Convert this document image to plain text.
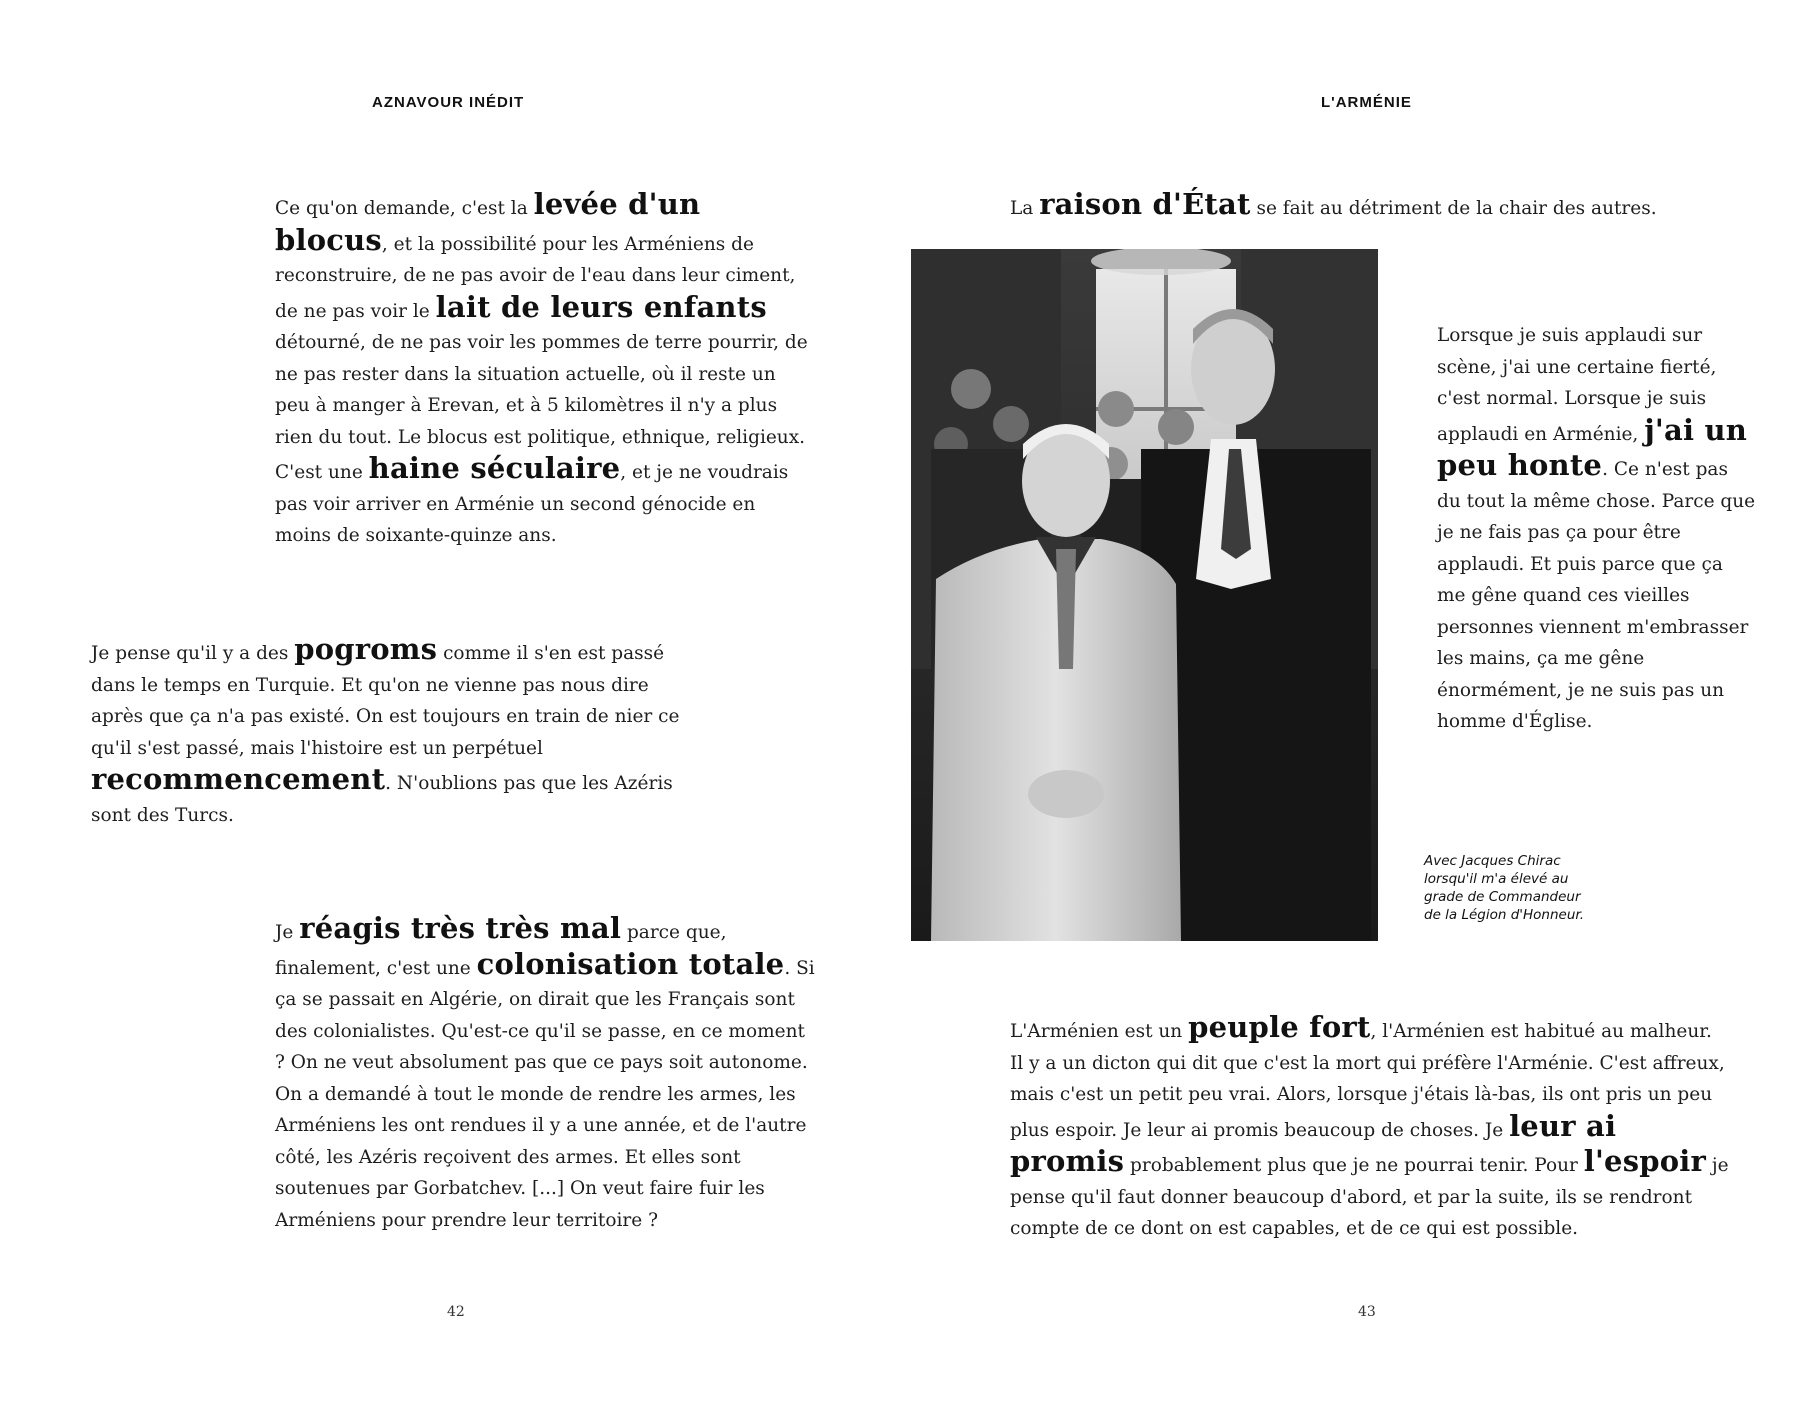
AZNAVOUR INÉDIT	L'ARMÉNIE

Ce qu'on demande, c'est la levée d'un blocus, et la possibilité pour les Arméniens de reconstruire, de ne pas avoir de l'eau dans leur ciment, de ne pas voir le lait de leurs enfants détourné, de ne pas voir les pommes de terre pourrir, de ne pas rester dans la situation actuelle, où il reste un peu à manger à Erevan, et à 5 kilomètres il n'y a plus rien du tout. Le blocus est politique, ethnique, religieux. C'est une haine séculaire, et je ne voudrais pas voir arriver en Arménie un second génocide en moins de soixante-quinze ans.

Je pense qu'il y a des pogroms comme il s'en est passé dans le temps en Turquie. Et qu'on ne vienne pas nous dire après que ça n'a pas existé. On est toujours en train de nier ce qu'il s'est passé, mais l'histoire est un perpétuel recommencement. N'oublions pas que les Azéris sont des Turcs.

Je réagis très très mal parce que, finalement, c'est une colonisation totale. Si ça se passait en Algérie, on dirait que les Français sont des colonialistes. Qu'est-ce qu'il se passe, en ce moment ? On ne veut absolument pas que ce pays soit autonome. On a demandé à tout le monde de rendre les armes, les Arméniens les ont rendues il y a une année, et de l'autre côté, les Azéris reçoivent des armes. Et elles sont soutenues par Gorbatchev. [...] On veut faire fuir les Arméniens pour prendre leur territoire ?

42

La raison d'État se fait au détriment de la chair des autres.

Lorsque je suis applaudi sur scène, j'ai une certaine fierté, c'est normal. Lorsque je suis applaudi en Arménie, j'ai un peu honte. Ce n'est pas du tout la même chose. Parce que je ne fais pas ça pour être applaudi. Et puis parce que ça me gêne quand ces vieilles personnes viennent m'embrasser les mains, ça me gêne énormément, je ne suis pas un homme d'Église.

Avec Jacques Chirac lorsqu'il m'a élevé au grade de Commandeur de la Légion d'Honneur.

L'Arménien est un peuple fort, l'Arménien est habitué au malheur. Il y a un dicton qui dit que c'est la mort qui préfère l'Arménie. C'est affreux, mais c'est un petit peu vrai. Alors, lorsque j'étais là-bas, ils ont pris un peu plus espoir. Je leur ai promis beaucoup de choses. Je leur ai promis probablement plus que je ne pourrai tenir. Pour l'espoir je pense qu'il faut donner beaucoup d'abord, et par la suite, ils se rendront compte de ce dont on est capables, et de ce qui est possible.

43
